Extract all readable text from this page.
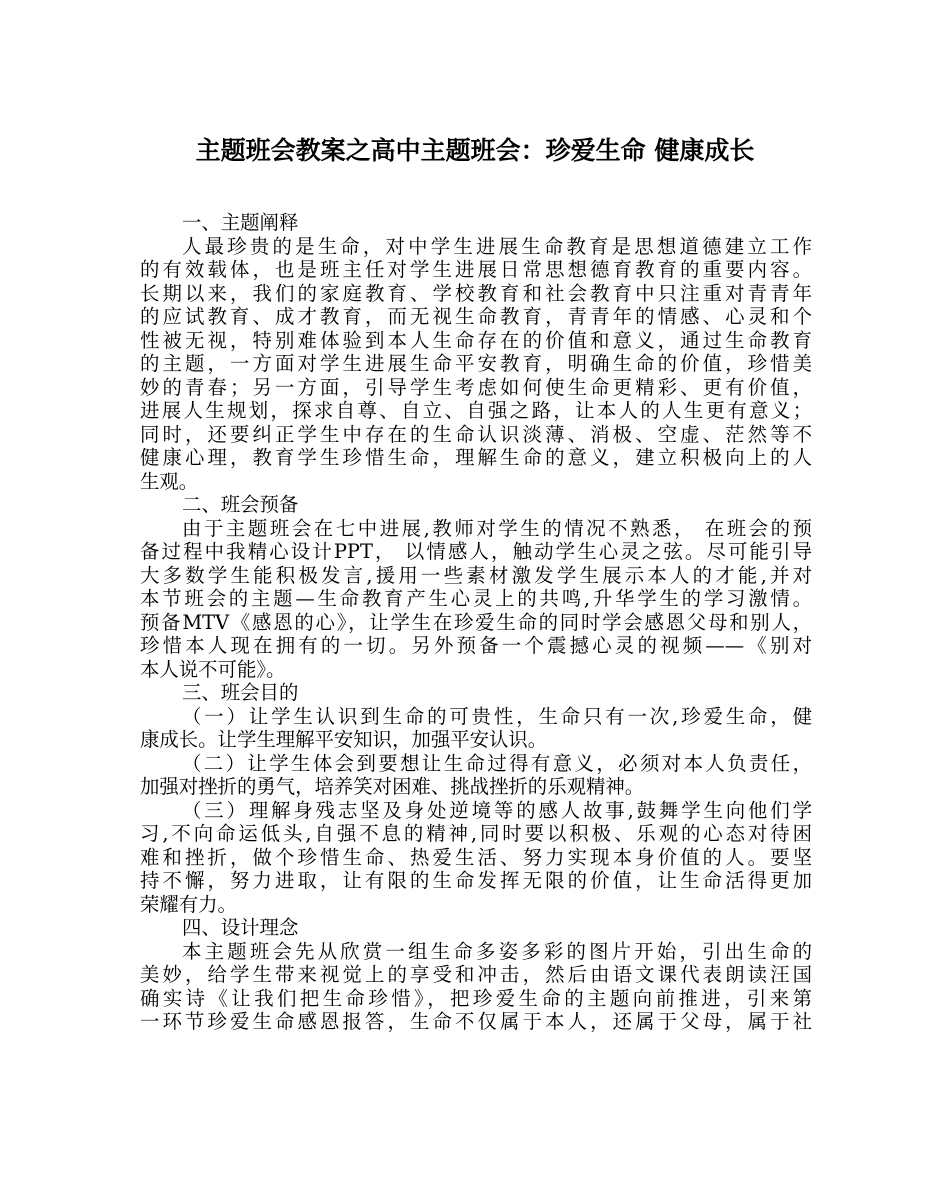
主题班会教案之高中主题班会：珍爱生命 健康成长
一、主题阐释
人最珍贵的是生命，对中学生进展生命教育是思想道德建立工作
的有效载体，也是班主任对学生进展日常思想德育教育的重要内容。
长期以来，我们的家庭教育、学校教育和社会教育中只注重对青青年
的应试教育、成才教育，而无视生命教育，青青年的情感、心灵和个
性被无视，特别难体验到本人生命存在的价值和意义，通过生命教育
的主题，一方面对学生进展生命平安教育，明确生命的价值，珍惜美
妙的青春；另一方面，引导学生考虑如何使生命更精彩、更有价值，
进展人生规划，探求自尊、自立、自强之路，让本人的人生更有意义；
同时，还要纠正学生中存在的生命认识淡薄、消极、空虚、茫然等不
健康心理，教育学生珍惜生命，理解生命的意义，建立积极向上的人
生观。
二、班会预备
由于主题班会在七中进展,教师对学生的情况不熟悉， 在班会的预
备过程中我精心设计PPT， 以情感人，触动学生心灵之弦。尽可能引导
大多数学生能积极发言,援用一些素材激发学生展示本人的才能,并对
本节班会的主题—生命教育产生心灵上的共鸣,升华学生的学习激情。
预备MTV《感恩的心》，让学生在珍爱生命的同时学会感恩父母和别人，
珍惜本人现在拥有的一切。另外预备一个震撼心灵的视频——《别对
本人说不可能》。
三、班会目的
（一）让学生认识到生命的可贵性，生命只有一次,珍爱生命，健
康成长。让学生理解平安知识，加强平安认识。
（二）让学生体会到要想让生命过得有意义，必须对本人负责任，
加强对挫折的勇气，培养笑对困难、挑战挫折的乐观精神。
（三）理解身残志坚及身处逆境等的感人故事,鼓舞学生向他们学
习,不向命运低头,自强不息的精神,同时要以积极、乐观的心态对待困
难和挫折，做个珍惜生命、热爱生活、努力实现本身价值的人。要坚
持不懈，努力进取，让有限的生命发挥无限的价值，让生命活得更加
荣耀有力。
四、设计理念
本主题班会先从欣赏一组生命多姿多彩的图片开始，引出生命的
美妙，给学生带来视觉上的享受和冲击，然后由语文课代表朗读汪国
确实诗《让我们把生命珍惜》，把珍爱生命的主题向前推进，引来第
一环节珍爱生命感恩报答，生命不仅属于本人，还属于父母，属于社
